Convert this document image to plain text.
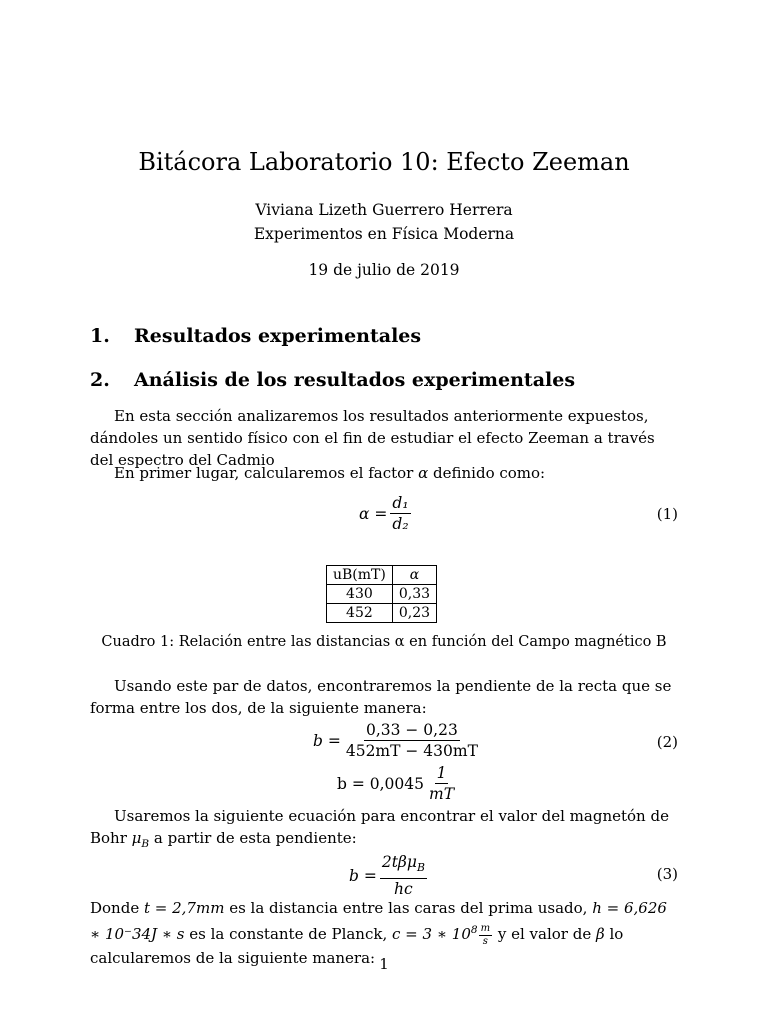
Bitácora Laboratorio 10: Efecto Zeeman
Viviana Lizeth Guerrero Herrera
Experimentos en Física Moderna
19 de julio de 2019
1. Resultados experimentales
2. Análisis de los resultados experimentales
En esta sección analizaremos los resultados anteriormente expuestos, dándoles un sentido físico con el fin de estudiar el efecto Zeeman a través del espectro del Cadmio
En primer lugar, calcularemos el factor α definido como:
$\alpha = \frac{\text{d₁}}{\text{d₂}}$	(1)
uB(mT)	α
430	0,33
452	0,23
Cuadro 1: Relación entre las distancias α en función del Campo magnético B
Usando este par de datos, encontraremos la pendiente de la recta que se forma entre los dos, de la siguiente manera:
$b = \frac{0,33 - 0,23}{452mT - 430mT}$	(2)
$b = 0,0045 \frac{1}{mT}$
Usaremos la siguiente ecuación para encontrar el valor del magnetón de Bohr $\mu_B$ a partir de esta pendiente:
$b = \frac{2t\beta\mu_B}{hc}$	(3)
Donde t = 2,7mm es la distancia entre las caras del prima usado, h = 6,626 ∗ 10⁻34J ∗ s es la constante de Planck, c = 3 ∗ $10^8 \frac{m}{s}$ y el valor de β lo calcularemos de la siguiente manera: 1
